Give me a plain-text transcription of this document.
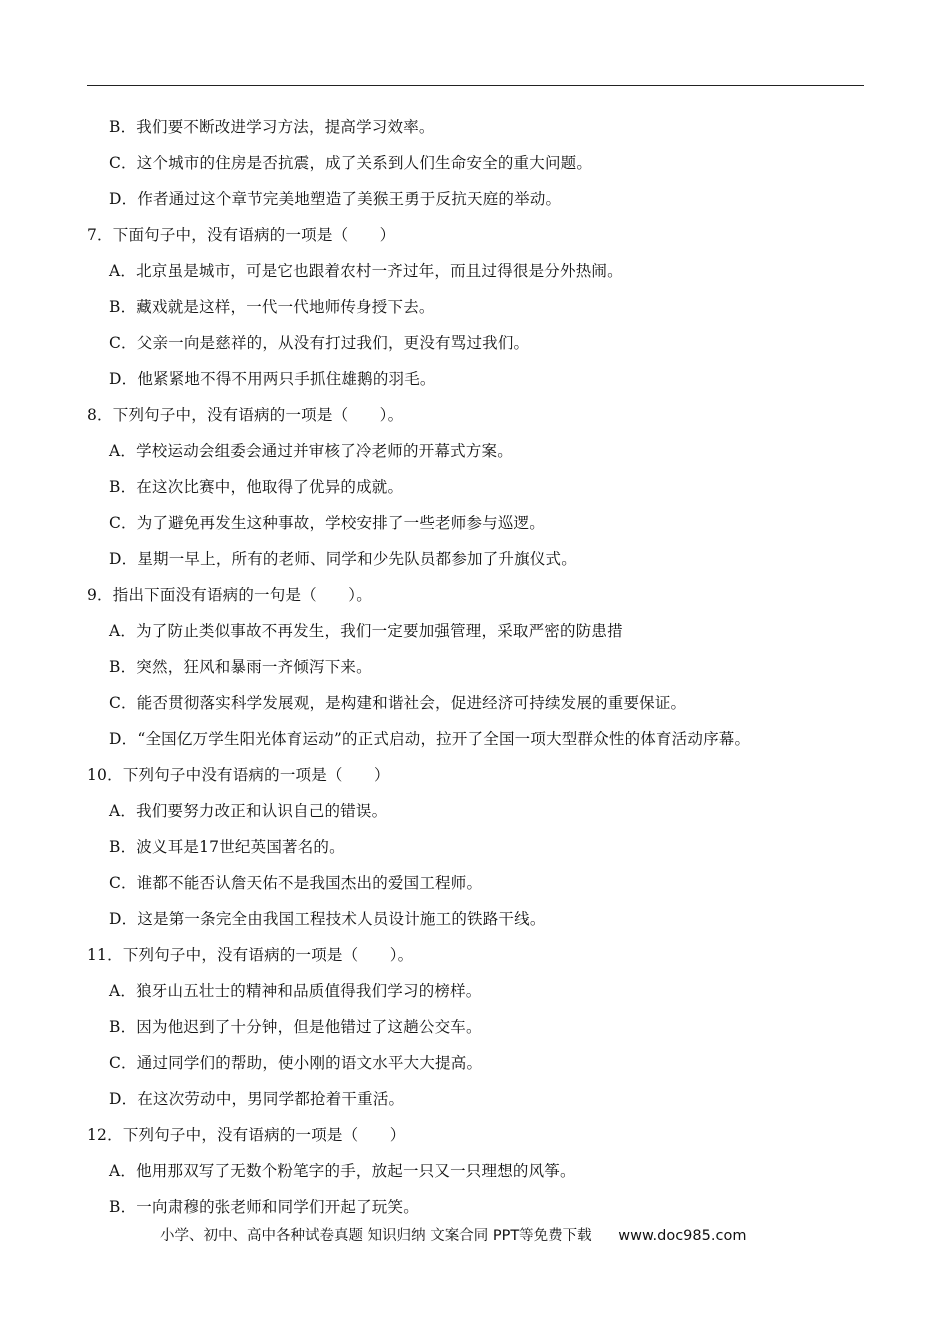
B．我们要不断改进学习方法，提高学习效率。
C．这个城市的住房是否抗震，成了关系到人们生命安全的重大问题。
D．作者通过这个章节完美地塑造了美猴王勇于反抗天庭的举动。
7．下面句子中，没有语病的一项是（　　）
A．北京虽是城市，可是它也跟着农村一齐过年，而且过得很是分外热闹。
B．藏戏就是这样，一代一代地师传身授下去。
C．父亲一向是慈祥的，从没有打过我们，更没有骂过我们。
D．他紧紧地不得不用两只手抓住雄鹅的羽毛。
8．下列句子中，没有语病的一项是（　　）。
A．学校运动会组委会通过并审核了冷老师的开幕式方案。
B．在这次比赛中，他取得了优异的成就。
C．为了避免再发生这种事故，学校安排了一些老师参与巡逻。
D．星期一早上，所有的老师、同学和少先队员都参加了升旗仪式。
9．指出下面没有语病的一句是（　　）。
A．为了防止类似事故不再发生，我们一定要加强管理，采取严密的防患措
B．突然，狂风和暴雨一齐倾泻下来。
C．能否贯彻落实科学发展观，是构建和谐社会，促进经济可持续发展的重要保证。
D．“全国亿万学生阳光体育运动”的正式启动，拉开了全国一项大型群众性的体育活动序幕。
10．下列句子中没有语病的一项是（　　）
A．我们要努力改正和认识自己的错误。
B．波义耳是17世纪英国著名的。
C．谁都不能否认詹天佑不是我国杰出的爱国工程师。
D．这是第一条完全由我国工程技术人员设计施工的铁路干线。
11．下列句子中，没有语病的一项是（　　）。
A．狼牙山五壮士的精神和品质值得我们学习的榜样。
B．因为他迟到了十分钟，但是他错过了这趟公交车。
C．通过同学们的帮助，使小刚的语文水平大大提高。
D．在这次劳动中，男同学都抢着干重活。
12．下列句子中，没有语病的一项是（　　）
A．他用那双写了无数个粉笔字的手，放起一只又一只理想的风筝。
B．一向肃穆的张老师和同学们开起了玩笑。
小学、初中、高中各种试卷真题 知识归纳 文案合同 PPT等免费下载 www.doc985.com
